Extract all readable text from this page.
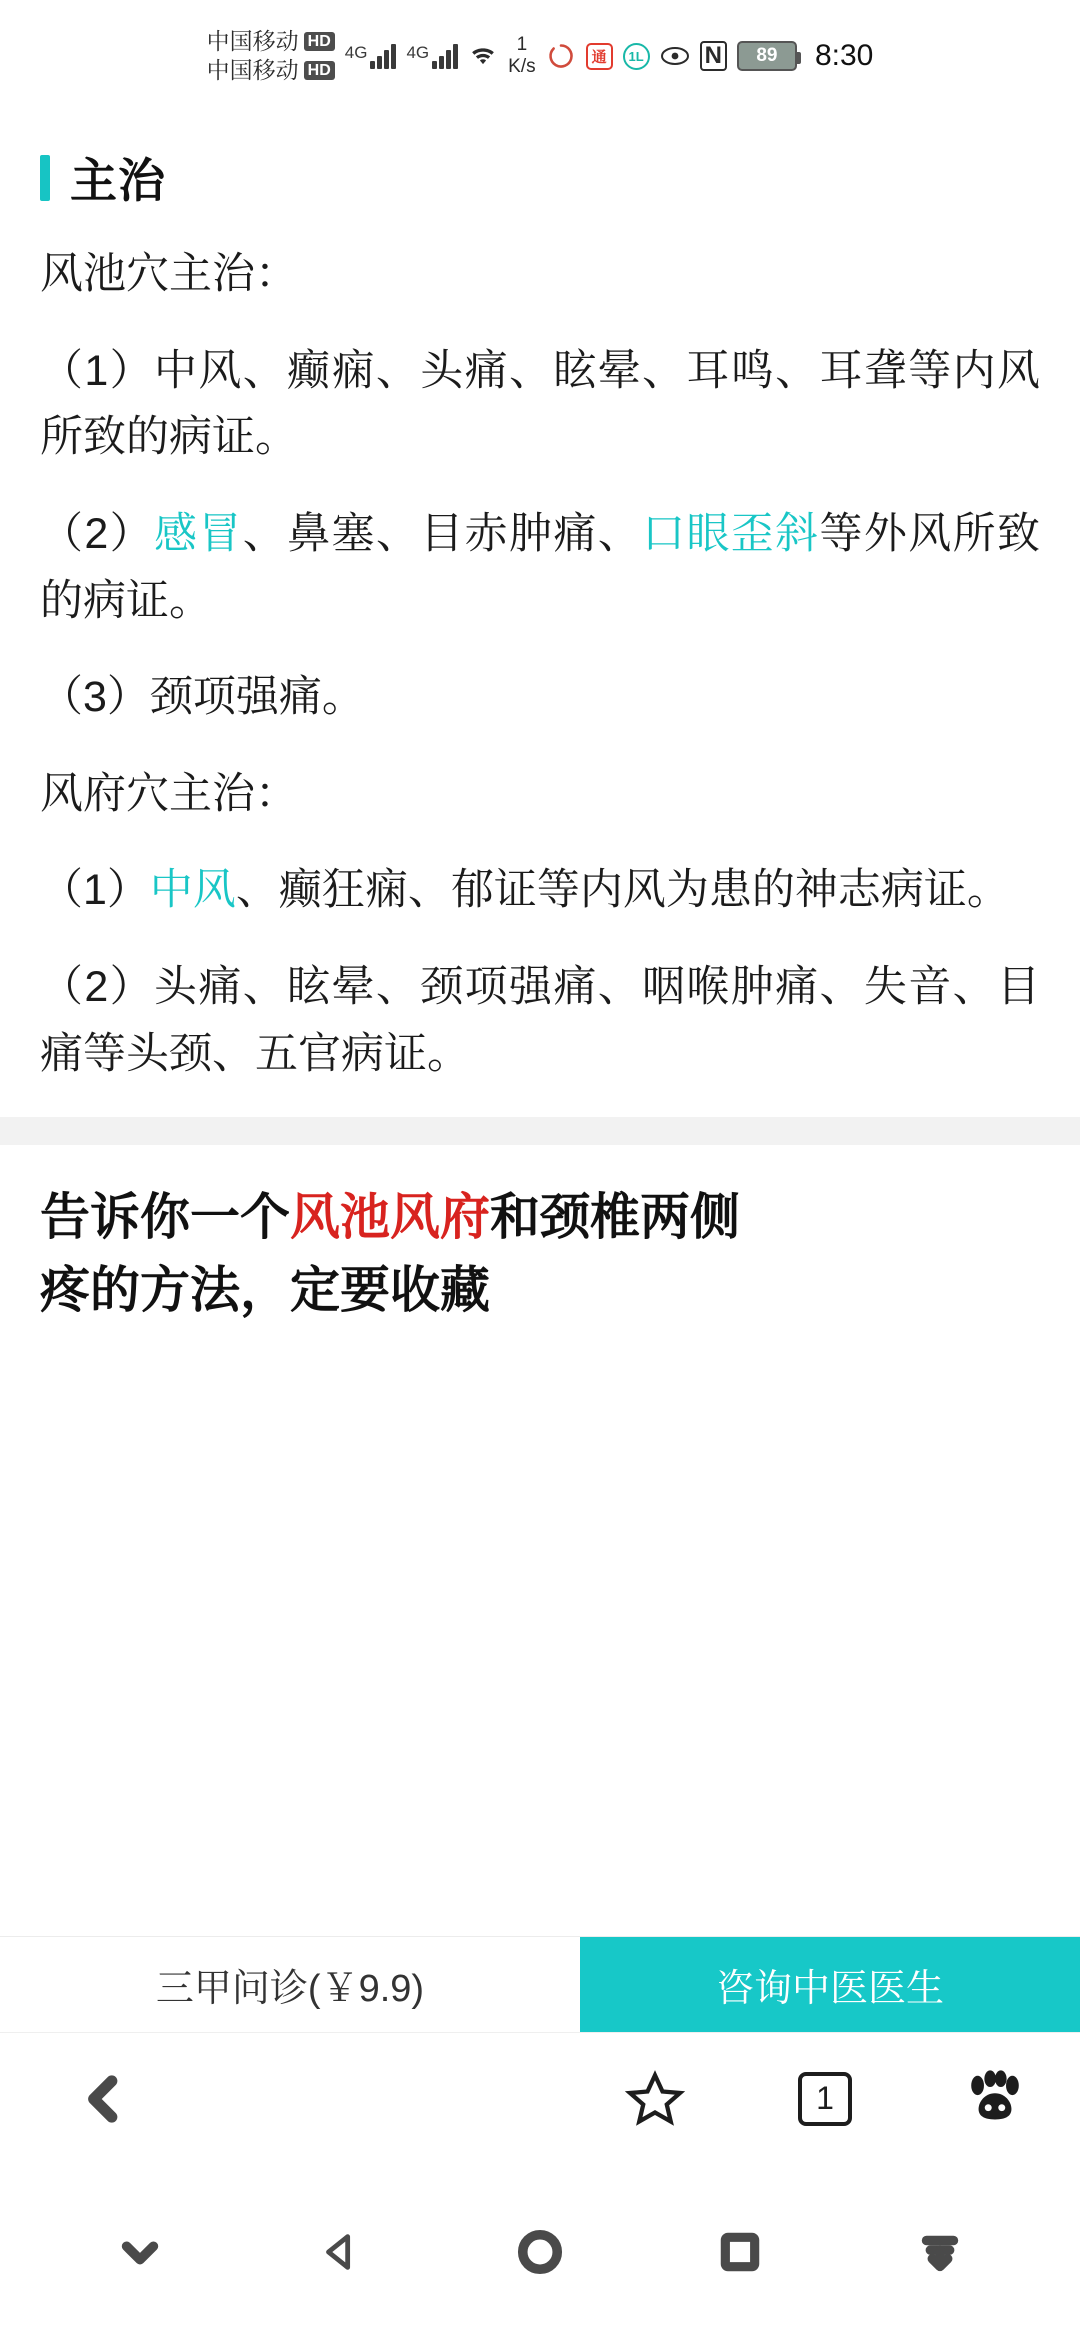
中国移动 HD
中国移动 HD
4G 4G	1
K/s	通	1L	N 89 8:30
主治

风池穴主治：

（1）中风、癫痫、头痛、眩晕、耳鸣、耳聋等内风所致的病证。

（2）感冒、鼻塞、目赤肿痛、口眼歪斜等外风所致的病证。

（3）颈项强痛。

风府穴主治：

（1）中风、癫狂痫、郁证等内风为患的神志病证。

（2）头痛、眩晕、颈项强痛、咽喉肿痛、失音、目痛等头颈、五官病证。

告诉你一个风池风府和颈椎两侧
疼的方法，定要收藏
三甲问诊(￥9.9)	咨询中医医生
1
